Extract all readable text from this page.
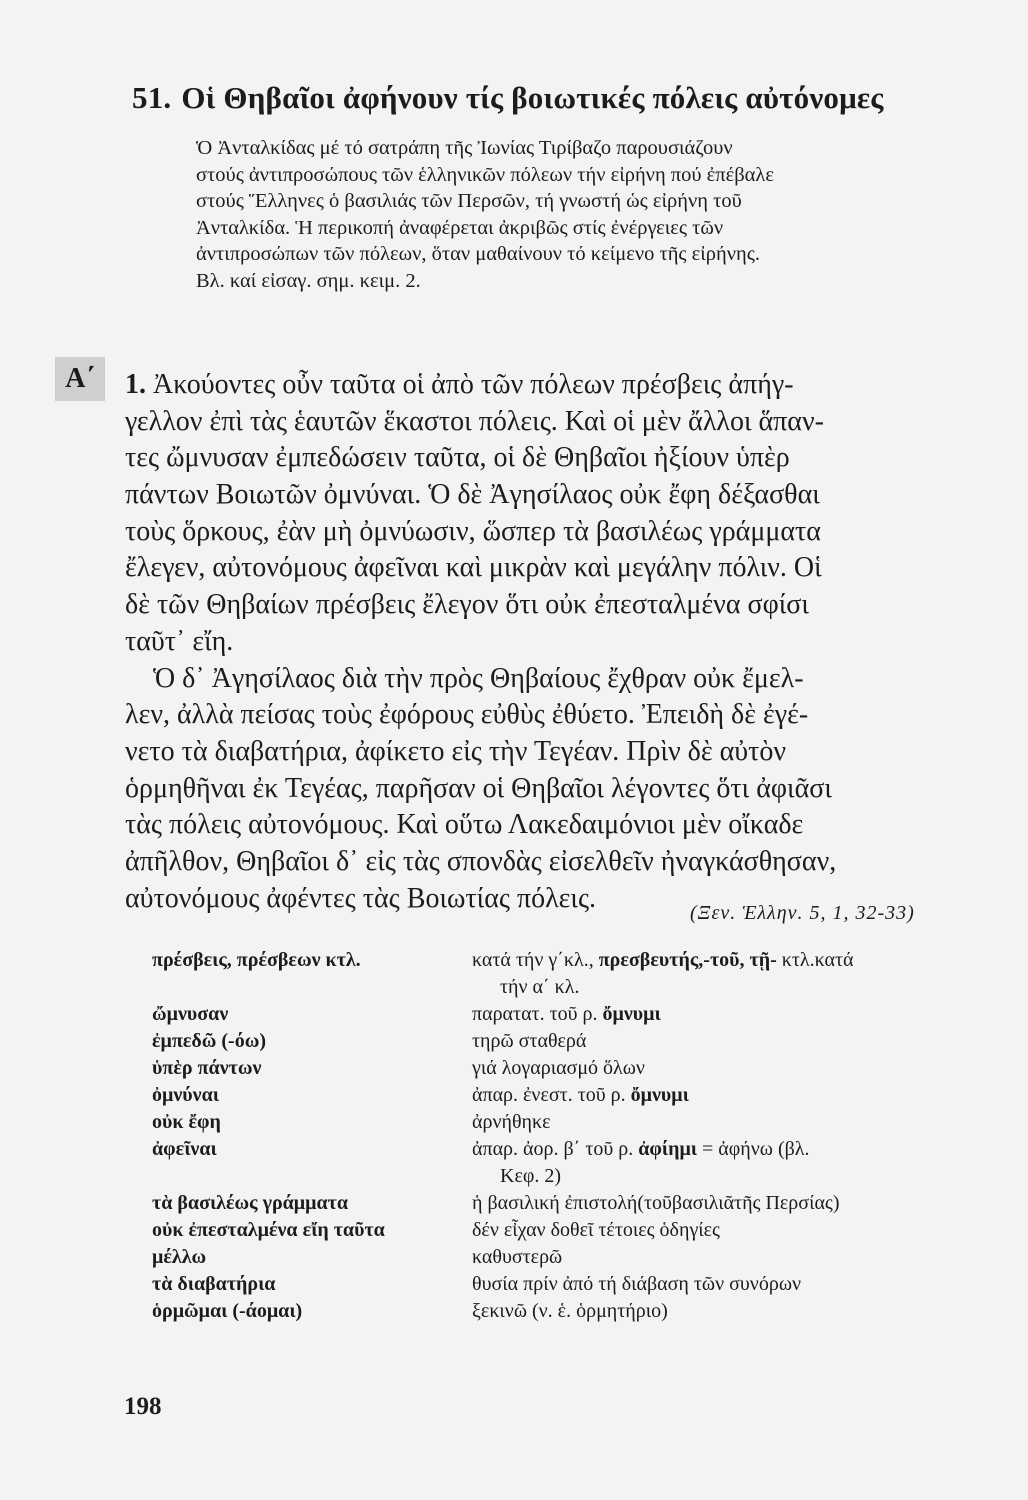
51. Οἱ Θηβαῖοι ἀφήνουν τίς βοιωτικές πόλεις αὐτόνομες
Ὁ Ἀνταλκίδας μέ τό σατράπη τῆς Ἰωνίας Τιρίβαζο παρουσιάζουν
στούς ἀντιπροσώπους τῶν ἑλληνικῶν πόλεων τήν εἰρήνη πού ἐπέβαλε
στούς Ἕλληνες ὁ βασιλιάς τῶν Περσῶν, τή γνωστή ὡς εἰρήνη τοῦ
Ἀνταλκίδα. Ἡ περικοπή ἀναφέρεται ἀκριβῶς στίς ἐνέργειες τῶν
ἀντιπροσώπων τῶν πόλεων, ὅταν μαθαίνουν τό κείμενο τῆς εἰρήνης.
Βλ. καί εἰσαγ. σημ. κειμ. 2.
Α΄	1. Ἀκούοντες οὖν ταῦτα οἱ ἀπὸ τῶν πόλεων πρέσβεις ἀπήγ-
γελλον ἐπὶ τὰς ἑαυτῶν ἕκαστοι πόλεις. Καὶ οἱ μὲν ἄλλοι ἅπαν-
τες ὤμνυσαν ἐμπεδώσειν ταῦτα, οἱ δὲ Θηβαῖοι ἠξίουν ὑπὲρ
πάντων Βοιωτῶν ὀμνύναι. Ὁ δὲ Ἀγησίλαος οὐκ ἔφη δέξασθαι
τοὺς ὅρκους, ἐὰν μὴ ὀμνύωσιν, ὥσπερ τὰ βασιλέως γράμματα
ἔλεγεν, αὐτονόμους ἀφεῖναι καὶ μικρὰν καὶ μεγάλην πόλιν. Οἱ
δὲ τῶν Θηβαίων πρέσβεις ἔλεγον ὅτι οὐκ ἐπεσταλμένα σφίσι
ταῦτ᾽ εἴη.
Ὁ δ᾽ Ἀγησίλαος διὰ τὴν πρὸς Θηβαίους ἔχθραν οὐκ ἔμελ-
λεν, ἀλλὰ πείσας τοὺς ἐφόρους εὐθὺς ἐθύετο. Ἐπειδὴ δὲ ἐγέ-
νετο τὰ διαβατήρια, ἀφίκετο εἰς τὴν Τεγέαν. Πρὶν δὲ αὐτὸν
ὁρμηθῆναι ἐκ Τεγέας, παρῆσαν οἱ Θηβαῖοι λέγοντες ὅτι ἀφιᾶσι
τὰς πόλεις αὐτονόμους. Καὶ οὕτω Λακεδαιμόνιοι μὲν οἴκαδε
ἀπῆλθον, Θηβαῖοι δ᾽ εἰς τὰς σπονδὰς εἰσελθεῖν ἠναγκάσθησαν,
αὐτονόμους ἀφέντες τὰς Βοιωτίας πόλεις.	(Ξεν. Ἑλλην. 5, 1, 32-33)
πρέσβεις, πρέσβεων κτλ.	κατά τήν γ΄κλ., πρεσβευτής,-τοῦ, τῇ- κτλ.κατά
τήν α΄ κλ.
ὤμνυσαν	παρατατ. τοῦ ρ. ὄμνυμι
ἐμπεδῶ (-όω)	τηρῶ σταθερά
ὑπὲρ πάντων	γιά λογαριασμό ὅλων
ὀμνύναι	ἀπαρ. ἐνεστ. τοῦ ρ. ὄμνυμι
οὐκ ἔφη	ἀρνήθηκε
ἀφεῖναι	ἀπαρ. ἀορ. β΄ τοῦ ρ. ἀφίημι = ἀφήνω (βλ.
Κεφ. 2)
τὰ βασιλέως γράμματα	ἡ βασιλική ἐπιστολή(τοῦβασιλιᾶτῆς Περσίας)
οὐκ ἐπεσταλμένα εἴη ταῦτα	δέν εἶχαν δοθεῖ τέτοιες ὁδηγίες
μέλλω	καθυστερῶ
τὰ διαβατήρια	θυσία πρίν ἀπό τή διάβαση τῶν συνόρων
ὁρμῶμαι (-άομαι)	ξεκινῶ (ν. ἑ. ὁρμητήριο)
198
